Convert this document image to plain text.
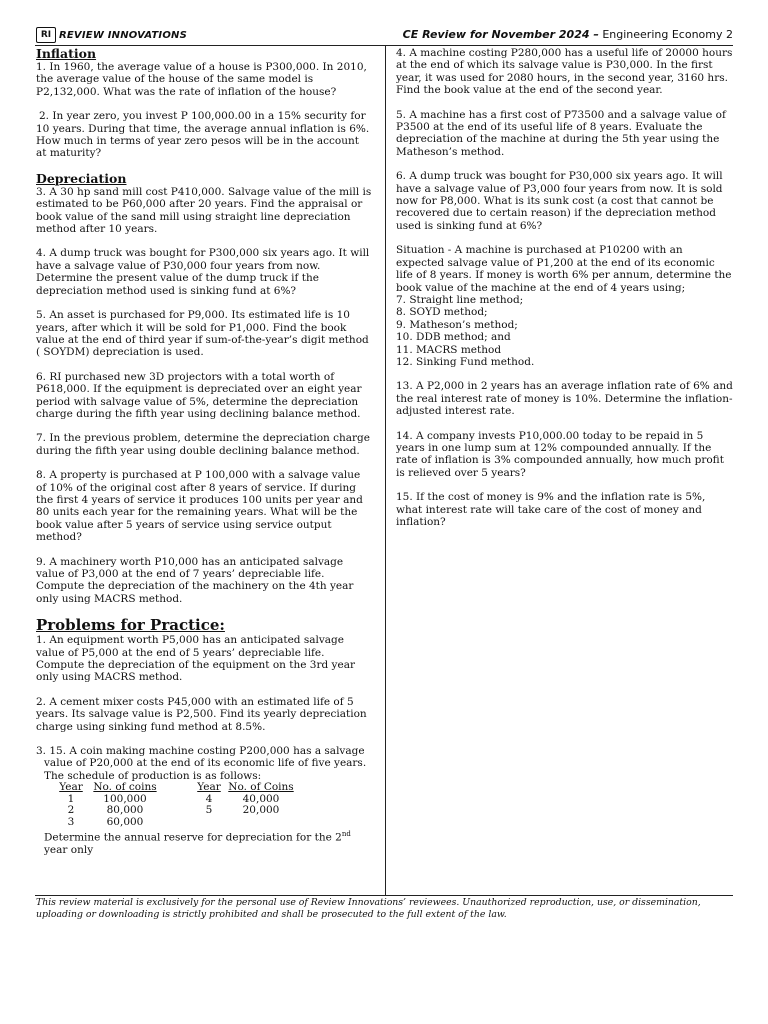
RI REVIEW INNOVATIONS	CE Review for November 2024 – Engineering Economy 2

Inflation

1. In 1960, the average value of a house is P300,000. In 2010, the average value of the house of the same model is P2,132,000. What was the rate of inflation of the house?

2. In year zero, you invest P 100,000.00 in a 15% security for 10 years. During that time, the average annual inflation is 6%. How much in terms of year zero pesos will be in the account at maturity?

Depreciation

3. A 30 hp sand mill cost P410,000. Salvage value of the mill is estimated to be P60,000 after 20 years. Find the appraisal or book value of the sand mill using straight line depreciation method after 10 years.

4. A dump truck was bought for P300,000 six years ago. It will have a salvage value of P30,000 four years from now. Determine the present value of the dump truck if the depreciation method used is sinking fund at 6%?

5. An asset is purchased for P9,000. Its estimated life is 10 years, after which it will be sold for P1,000. Find the book value at the end of third year if sum-of-the-year’s digit method ( SOYDM) depreciation is used.

6. RI purchased new 3D projectors with a total worth of P618,000. If the equipment is depreciated over an eight year period with salvage value of 5%, determine the depreciation charge during the fifth year using declining balance method.

7. In the previous problem, determine the depreciation charge during the fifth year using double declining balance method.

8. A property is purchased at P 100,000 with a salvage value of 10% of the original cost after 8 years of service. If during the first 4 years of service it produces 100 units per year and 80 units each year for the remaining years. What will be the book value after 5 years of service using service output method?

9. A machinery worth P10,000 has an anticipated salvage value of P3,000 at the end of 7 years’ depreciable life. Compute the depreciation of the machinery on the 4th year only using MACRS method.

Problems for Practice:

1. An equipment worth P5,000 has an anticipated salvage value of P5,000 at the end of 5 years’ depreciable life. Compute the depreciation of the equipment on the 3rd year only using MACRS method.

2. A cement mixer costs P45,000 with an estimated life of 5 years. Its salvage value is P2,500. Find its yearly depreciation charge using sinking fund method at 8.5%.

3. 15. A coin making machine costing P200,000 has a salvage

value of P20,000 at the end of its economic life of five years.

The schedule of production is as follows:

Year	No. of coins		Year	No. of Coins
1	100,000		4	40,000
2	80,000		5	20,000
3	60,000			

Determine the annual reserve for depreciation for the 2nd
year only

4. A machine costing P280,000 has a useful life of 20000 hours at the end of which its salvage value is P30,000. In the first year, it was used for 2080 hours, in the second year, 3160 hrs. Find the book value at the end of the second year.

5. A machine has a first cost of P73500 and a salvage value of P3500 at the end of its useful life of 8 years. Evaluate the depreciation of the machine at during the 5th year using the Matheson’s method.

6. A dump truck was bought for P30,000 six years ago. It will have a salvage value of P3,000 four years from now. It is sold now for P8,000. What is its sunk cost (a cost that cannot be recovered due to certain reason) if the depreciation method used is sinking fund at 6%?

Situation - A machine is purchased at P10200 with an expected salvage value of P1,200 at the end of its economic life of 8 years. If money is worth 6% per annum, determine the book value of the machine at the end of 4 years using;

7. Straight line method;

8. SOYD method;

9. Matheson’s method;

10. DDB method; and

11. MACRS method

12. Sinking Fund method.

13. A P2,000 in 2 years has an average inflation rate of 6% and the real interest rate of money is 10%. Determine the inflation-adjusted interest rate.

14. A company invests P10,000.00 today to be repaid in 5 years in one lump sum at 12% compounded annually. If the rate of inflation is 3% compounded annually, how much profit is relieved over 5 years?

15. If the cost of money is 9% and the inflation rate is 5%, what interest rate will take care of the cost of money and inflation?

This review material is exclusively for the personal use of Review Innovations’ reviewees. Unauthorized reproduction, use, or dissemination, uploading or downloading is strictly prohibited and shall be prosecuted to the full extent of the law.
